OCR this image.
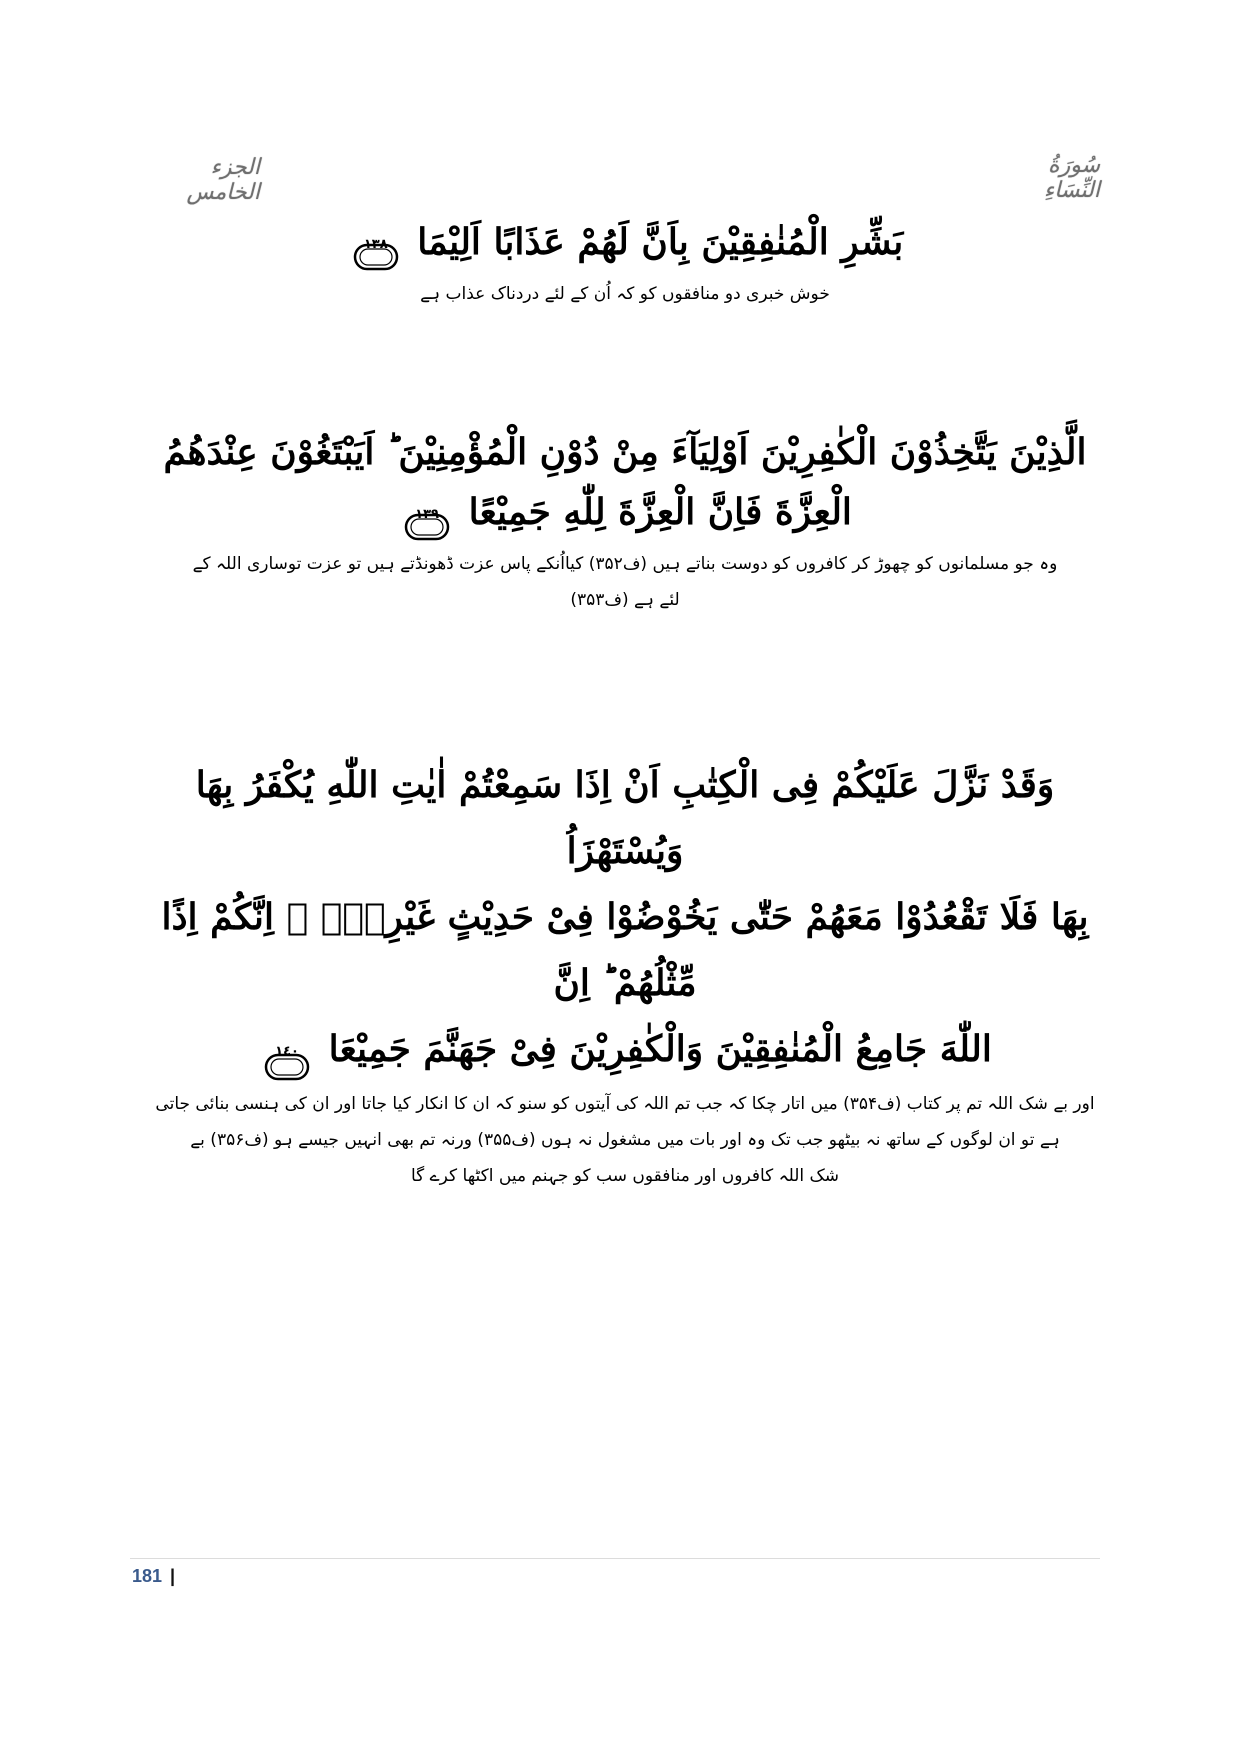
الجزء الخامس
سُورَةُ النِّسَاءِ
بَشِّرِ الْمُنٰفِقِيْنَ بِاَنَّ لَهُمْ عَذَابًا اَلِيْمَا
١٣٨
خوش خبری دو منافقوں کو کہ اُن کے لئے دردناک عذاب ہے
الَّذِيْنَ يَتَّخِذُوْنَ الْكٰفِرِيْنَ اَوْلِيَآءَ مِنْ دُوْنِ الْمُؤْمِنِيْنَ ؕ اَيَبْتَغُوْنَ عِنْدَهُمُ
الْعِزَّةَ فَاِنَّ الْعِزَّةَ لِلّٰهِ جَمِيْعًا
١٣٩
وہ جو مسلمانوں کو چھوڑ کر کافروں کو دوست بناتے ہیں (ف۳۵۲) کیااُنکے پاس عزت ڈھونڈتے ہیں تو عزت توساری اللہ کے
لئے ہے (ف۳۵۳)
وَقَدْ نَزَّلَ عَلَيْكُمْ فِى الْكِتٰبِ اَنْ اِذَا سَمِعْتُمْ اٰيٰتِ اللّٰهِ يُكْفَرُ بِهَا وَيُسْتَهْزَاُ
بِهَا فَلَا تَقْعُدُوْا مَعَهُمْ حَتّٰى يَخُوْضُوْا فِىْ حَدِيْثٍ غَيْرِهٖۤ ۖ اِنَّكُمْ اِذًا مِّثْلُهُمْ ؕ اِنَّ
اللّٰهَ جَامِعُ الْمُنٰفِقِيْنَ وَالْكٰفِرِيْنَ فِىْ جَهَنَّمَ جَمِيْعَا
١٤٠
اور بے شک اللہ تم پر کتاب (ف۳۵۴) میں اتار چکا کہ جب تم اللہ کی آیتوں کو سنو کہ ان کا انکار کیا جاتا اور ان کی ہنسی بنائی جاتی
ہے تو ان لوگوں کے ساتھ نہ بیٹھو جب تک وہ اور بات میں مشغول نہ ہوں (ف۳۵۵) ورنہ تم بھی انہیں جیسے ہو (ف۳۵۶) بے
شک اللہ کافروں اور منافقوں سب کو جہنم میں اکٹھا کرے گا
181 |
